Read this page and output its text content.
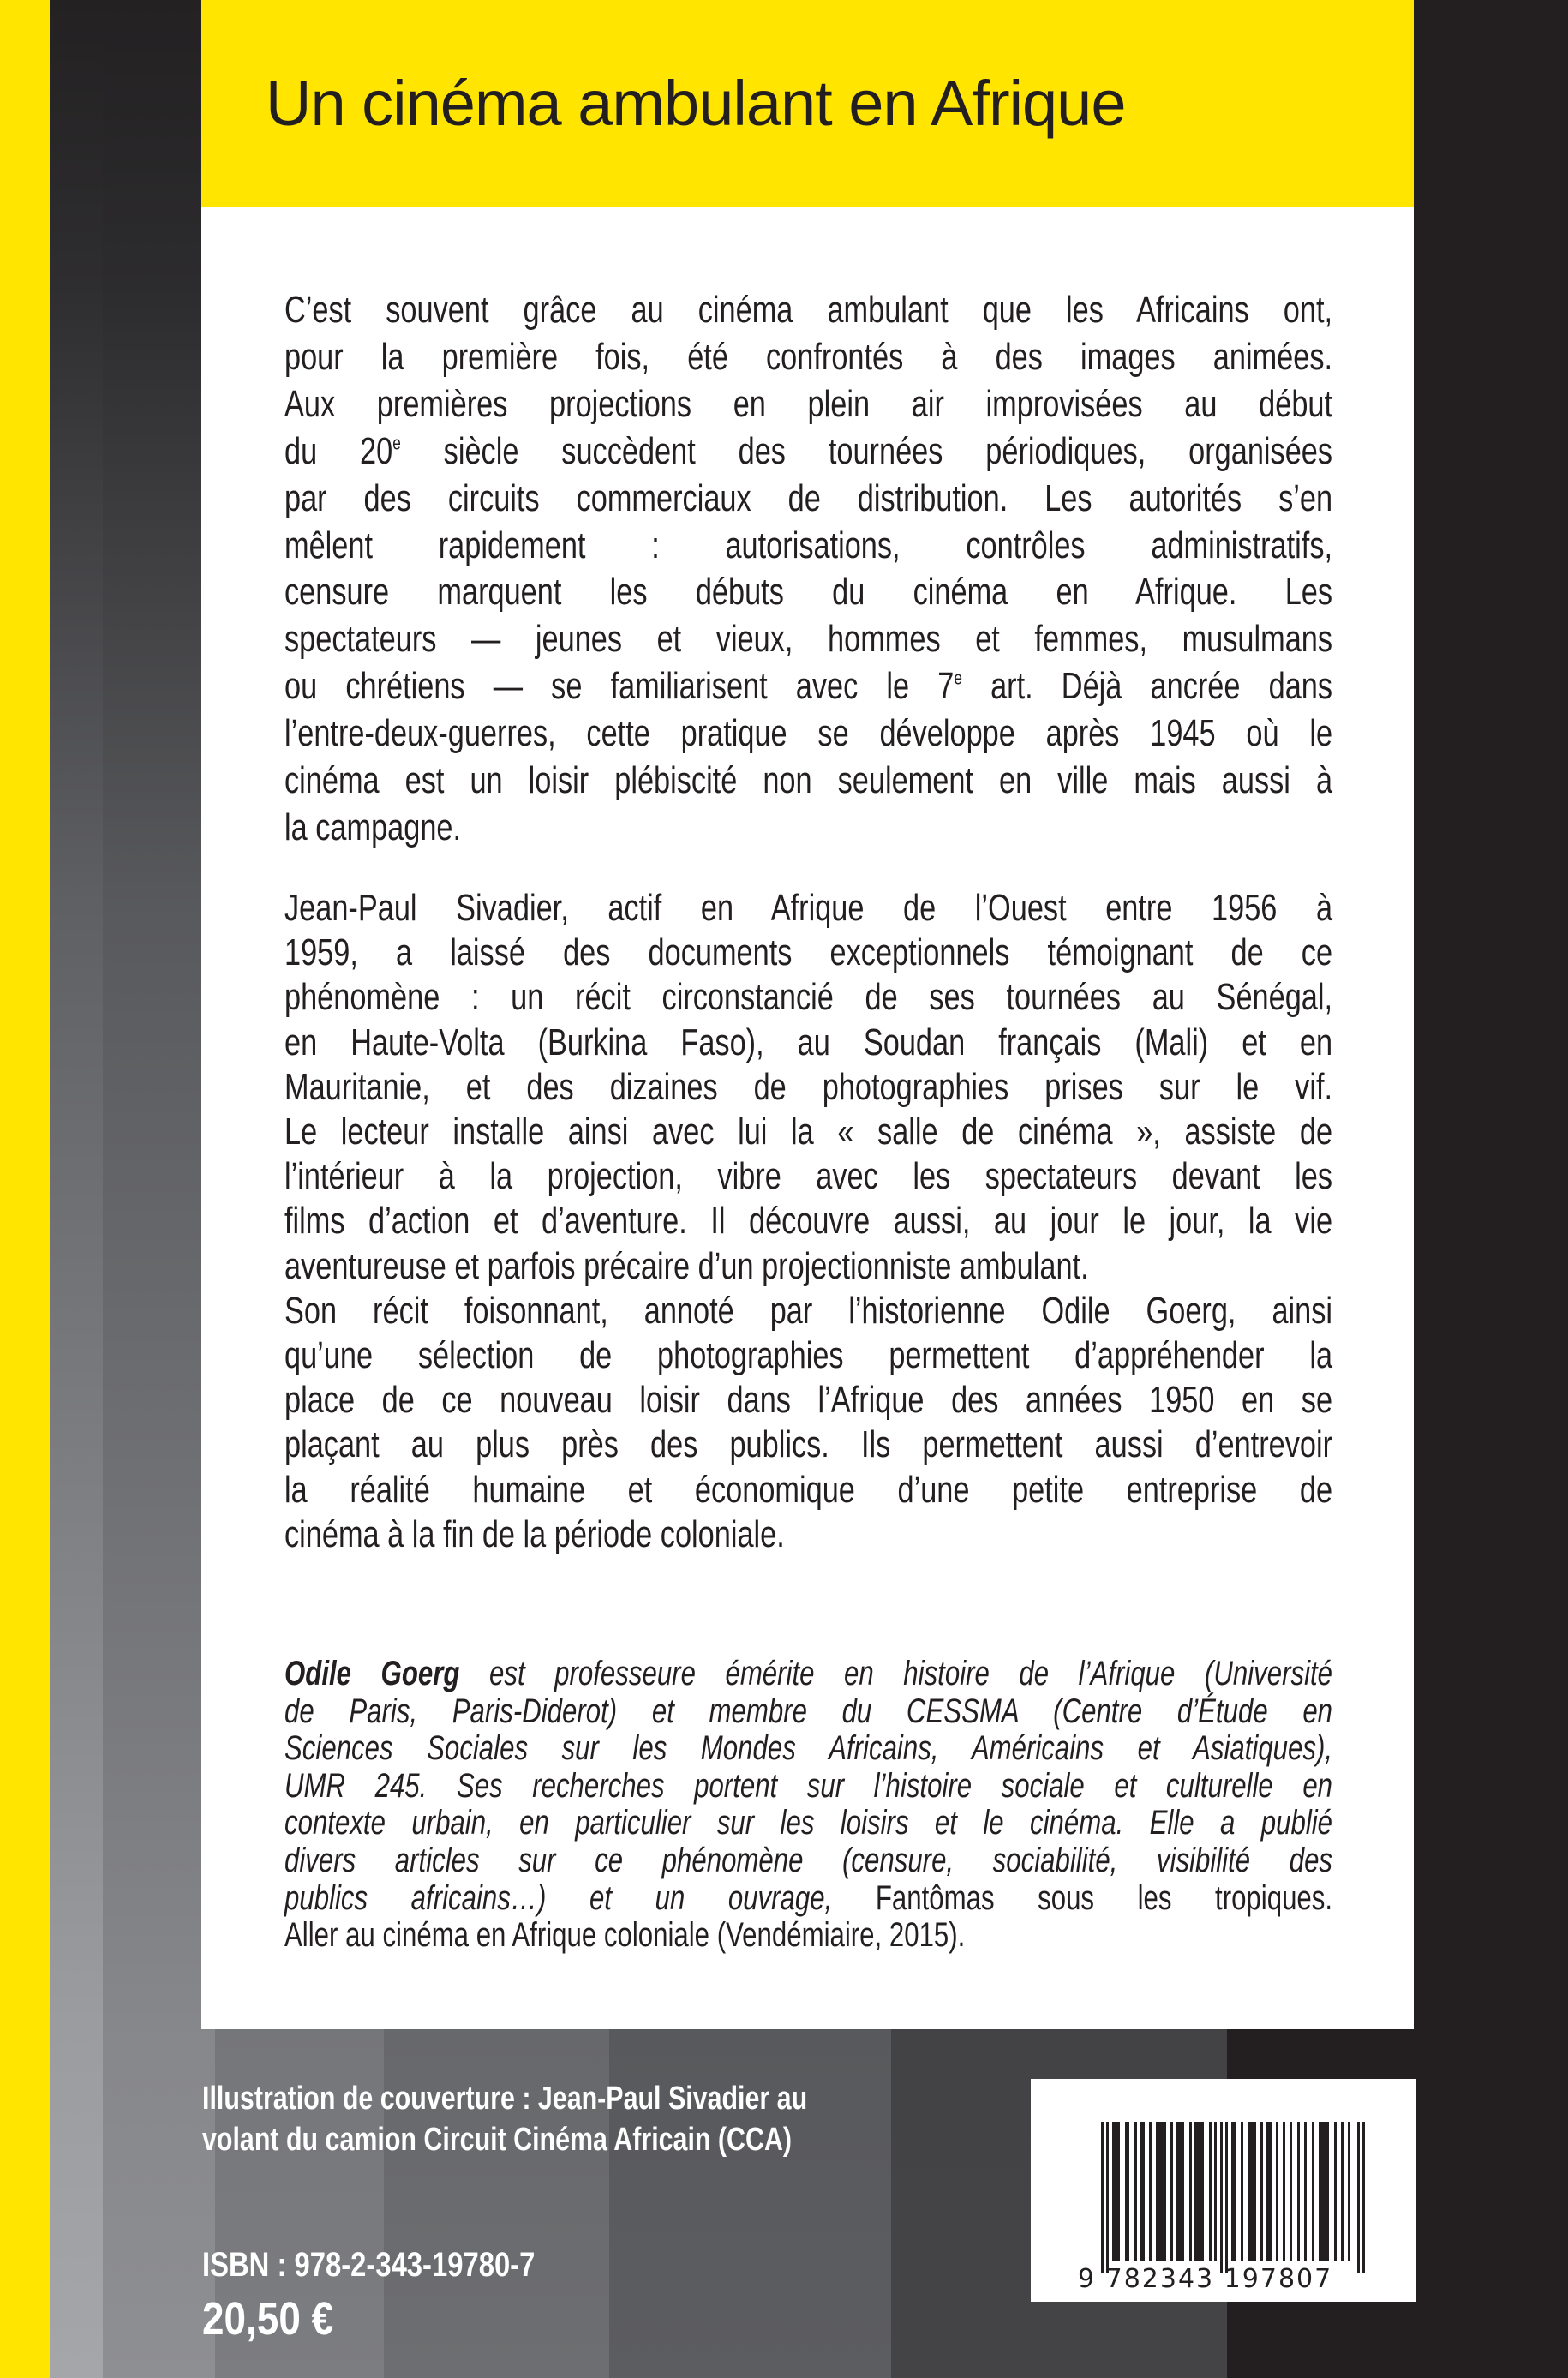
Un cinéma ambulant en Afrique
C’est souvent grâce au cinéma ambulant que les Africains ont,
pour la première fois, été confrontés à des images animées.
Aux premières projections en plein air improvisées au début
du 20e siècle succèdent des tournées périodiques, organisées
par des circuits commerciaux de distribution. Les autorités s’en
mêlent rapidement : autorisations, contrôles administratifs,
censure marquent les débuts du cinéma en Afrique. Les
spectateurs — jeunes et vieux, hommes et femmes, musulmans
ou chrétiens — se familiarisent avec le 7e art. Déjà ancrée dans
l’entre-deux-guerres, cette pratique se développe après 1945 où le
cinéma est un loisir plébiscité non seulement en ville mais aussi à
la campagne.
Jean-Paul Sivadier, actif en Afrique de l’Ouest entre 1956 à
1959, a laissé des documents exceptionnels témoignant de ce
phénomène : un récit circonstancié de ses tournées au Sénégal,
en Haute-Volta (Burkina Faso), au Soudan français (Mali) et en
Mauritanie, et des dizaines de photographies prises sur le vif.
Le lecteur installe ainsi avec lui la « salle de cinéma », assiste de
l’intérieur à la projection, vibre avec les spectateurs devant les
films d’action et d’aventure. Il découvre aussi, au jour le jour, la vie
aventureuse et parfois précaire d’un projectionniste ambulant.
Son récit foisonnant, annoté par l’historienne Odile Goerg, ainsi
qu’une sélection de photographies permettent d’appréhender la
place de ce nouveau loisir dans l’Afrique des années 1950 en se
plaçant au plus près des publics. Ils permettent aussi d’entrevoir
la réalité humaine et économique d’une petite entreprise de
cinéma à la fin de la période coloniale.
Odile Goerg est professeure émérite en histoire de l’Afrique (Université
de Paris, Paris-Diderot) et membre du CESSMA (Centre d’Étude en
Sciences Sociales sur les Mondes Africains, Américains et Asiatiques),
UMR 245. Ses recherches portent sur l’histoire sociale et culturelle en
contexte urbain, en particulier sur les loisirs et le cinéma. Elle a publié
divers articles sur ce phénomène (censure, sociabilité, visibilité des
publics africains…) et un ouvrage, Fantômas sous les tropiques.
Aller au cinéma en Afrique coloniale (Vendémiaire, 2015).
Illustration de couverture : Jean-Paul Sivadier au
volant du camion Circuit Cinéma Africain (CCA)
ISBN : 978-2-343-19780-7
20,50 €
9 782343 197807
